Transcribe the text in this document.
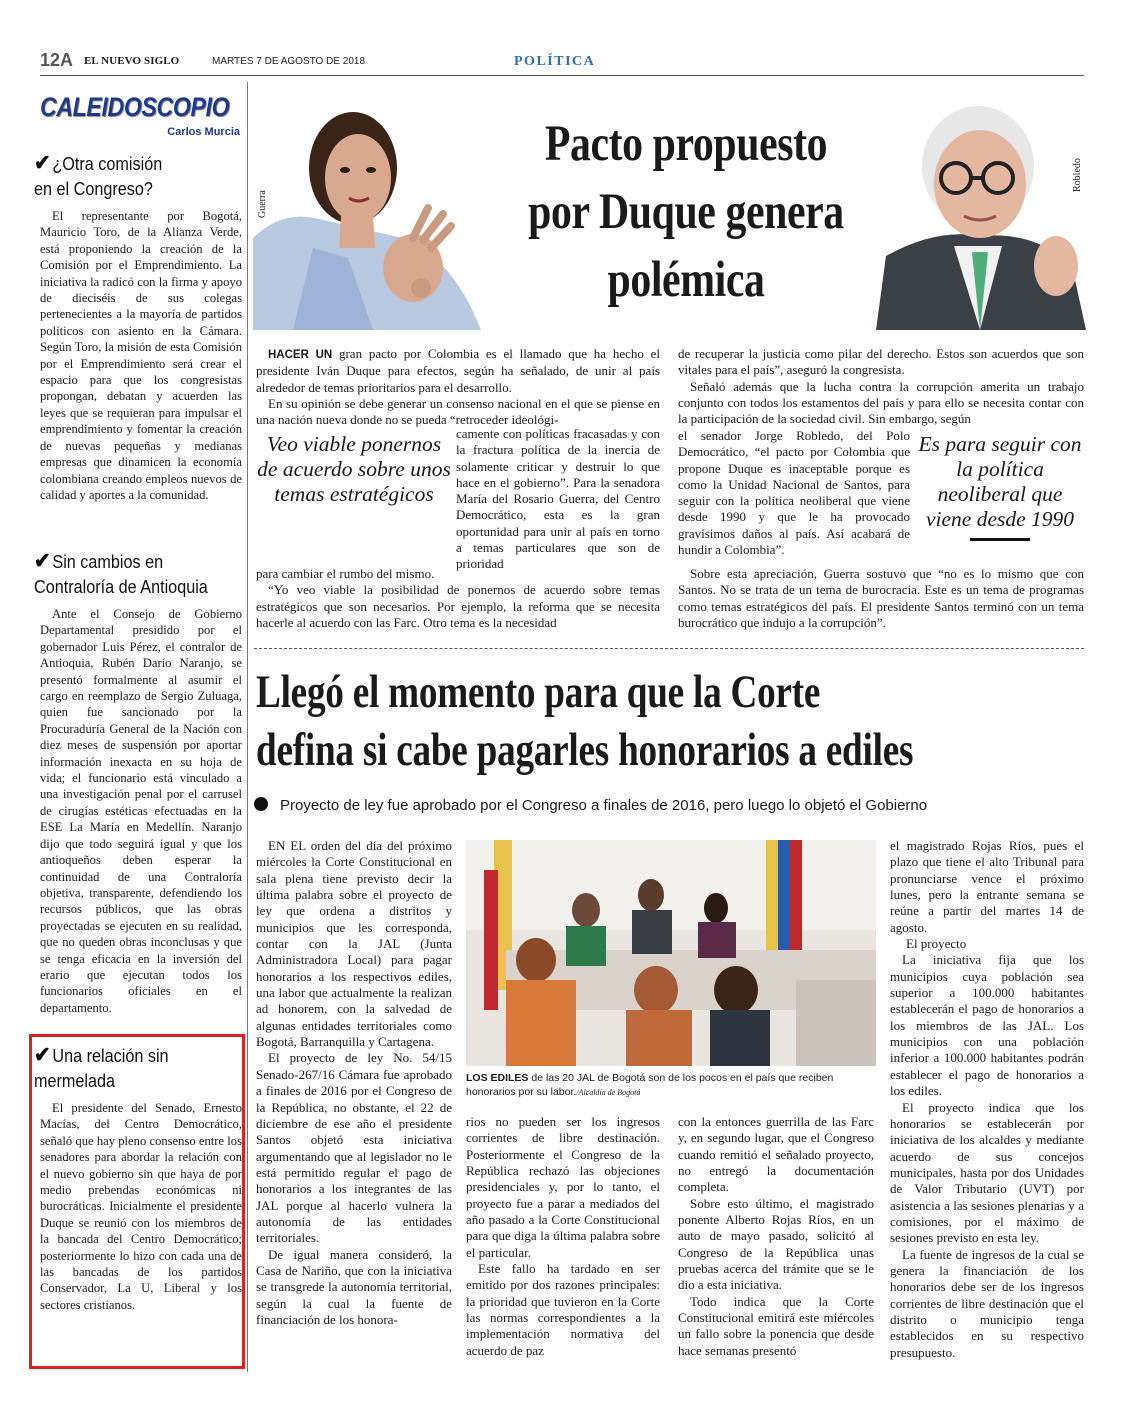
12A EL NUEVO SIGLO	MARTES 7 DE AGOSTO DE 2018	POLÍTICA
CALEIDOSCOPIO
Carlos Murcia
✔¿Otra comisión
en el Congreso?
El representante por Bogotá, Mauricio Toro, de la Alianza Verde, está proponiendo la creación de la Comisión por el Emprendimiento. La iniciativa la radicó con la firma y apoyo de dieciséis de sus colegas pertenecientes a la mayoría de partidos políticos con asiento en la Cámara. Según Toro, la misión de esta Comisión por el Emprendimiento será crear el espacio para que los congresistas propongan, debatan y acuerden las leyes que se requieran para impulsar el emprendimiento y fomentar la creación de nuevas pequeñas y medianas empresas que dinamicen la economía colombiana creando empleos nuevos de calidad y aportes a la comunidad.
✔Sin cambios en
Contraloría de Antioquia
Ante el Consejo de Gobierno Departamental presidido por el gobernador Luis Pérez, el contralor de Antioquia, Rubén Darío Naranjo, se presentó formalmente al asumir el cargo en reemplazo de Sergio Zuluaga, quien fue sancionado por la Procuraduría General de la Nación con diez meses de suspensión por aportar información inexacta en su hoja de vida; el funcionario está vinculado a una investigación penal por el carrusel de cirugías estéticas efectuadas en la ESE La María en Medellín. Naranjo dijo que todo seguirá igual y que los antioqueños deben esperar la continuidad de una Contraloría objetiva, transparente, defendiendo los recursos públicos, que las obras proyectadas se ejecuten en su realidad, que no queden obras inconclusas y que se tenga eficacia en la inversión del erario que ejecutan todos los funcionarios oficiales en el departamento.
✔Una relación sin
mermelada
El presidente del Senado, Ernesto Macías, del Centro Democrático, señaló que hay pleno consenso entre los senadores para abordar la relación con el nuevo gobierno sin que haya de por medio prebendas económicas ni burocráticas. Inicialmente el presidente Duque se reunió con los miembros de la bancada del Centro Democrático; posteriormente lo hizo con cada una de las bancadas de los partidos Conservador, La U, Liberal y los sectores cristianos.
Guerra
Pacto propuesto
por Duque genera
polémica
Robledo

HACER UN gran pacto por Colombia es el llamado que ha hecho el presidente Iván Duque para efectos, según ha señalado, de unir al país alrededor de temas prioritarios para el desarrollo.

En su opinión se debe generar un consenso nacional en el que se piense en una nación nueva donde no se pueda “retroceder ideológi-

Veo viable ponernos de acuerdo sobre unos temas estratégicos

camente con políticas fracasadas y con la fractura política de la inercia de solamente criticar y destruir lo que hace en el gobierno”. Para la senadora María del Rosario Guerra, del Centro Democrático, esta es la gran oportunidad para unir al país en torno a temas particulares que son de prioridad

para cambiar el rumbo del mismo.

“Yo veo viable la posibilidad de ponernos de acuerdo sobre temas estratégicos que son necesarios. Por ejemplo, la reforma que se necesita hacerle al acuerdo con las Farc. Otro tema es la necesidad

de recuperar la justicia como pilar del derecho. Estos son acuerdos que son vitales para el país”, aseguró la congresista.

Señaló además que la lucha contra la corrupción amerita un trabajo conjunto con todos los estamentos del país y para ello se necesita contar con la participación de la sociedad civil. Sin embargo, según

el senador Jorge Robledo, del Polo Democrático, “el pacto por Colombia que propone Duque es inaceptable porque es como la Unidad Nacional de Santos, para seguir con la política neoliberal que viene desde 1990 y que le ha provocado gravísimos daños al país. Así acabará de hundir a Colombia”.

Es para seguir con la política neoliberal que viene desde 1990

Sobre esta apreciación, Guerra sostuvo que “no es lo mismo que con Santos. No se trata de un tema de burocracia. Este es un tema de programas como temas estratégicos del país. El presidente Santos terminó con un tema burocrático que indujo a la corrupción”.

Llegó el momento para que la Corte
defina si cabe pagarles honorarios a ediles
Proyecto de ley fue aprobado por el Congreso a finales de 2016, pero luego lo objetó el Gobierno

EN EL orden del día del próximo miércoles la Corte Constitucional en sala plena tiene previsto decir la última palabra sobre el proyecto de ley que ordena a distritos y municipios que les corresponda, contar con la JAL (Junta Administradora Local) para pagar honorarios a los respectivos ediles, una labor que actualmente la realizan ad honorem, con la salvedad de algunas entidades territoriales como Bogotá, Barranquilla y Cartagena.

El proyecto de ley No. 54/15 Senado-267/16 Cámara fue aprobado a finales de 2016 por el Congreso de la República, no obstante, el 22 de diciembre de ese año el presidente Santos objetó esta iniciativa argumentando que al legislador no le está permitido regular el pago de honorarios a los integrantes de las JAL porque al hacerlo vulnera la autonomía de las entidades territoriales.

De igual manera consideró, la Casa de Nariño, que con la iniciativa se transgrede la autonomía territorial, según la cual la fuente de financiación de los honora-

LOS EDILES de las 20 JAL de Bogotá son de los pocos en el país que reciben honorarios por su labor./Alcaldía de Bogotá

rios no pueden ser los ingresos corrientes de libre destinación. Posteriormente el Congreso de la República rechazó las objeciones presidenciales y, por lo tanto, el proyecto fue a parar a mediados del año pasado a la Corte Constitucional para que diga la última palabra sobre el particular.

Este fallo ha tardado en ser emitido por dos razones principales: la prioridad que tuvieron en la Corte las normas correspondientes a la implementación normativa del acuerdo de paz

con la entonces guerrilla de las Farc y, en segundo lugar, que el Congreso cuando remitió el señalado proyecto, no entregó la documentación completa.

Sobre esto último, el magistrado ponente Alberto Rojas Ríos, en un auto de mayo pasado, solicitó al Congreso de la República unas pruebas acerca del trámite que se le dio a esta iniciativa.

Todo indica que la Corte Constitucional emitirá este miércoles un fallo sobre la ponencia que desde hace semanas presentó

el magistrado Rojas Ríos, pues el plazo que tiene el alto Tribunal para pronunciarse vence el próximo lunes, pero la entrante semana se reúne a partir del martes 14 de agosto.

El proyecto

La iniciativa fija que los municipios cuya población sea superior a 100.000 habitantes establecerán el pago de honorarios a los miembros de las JAL. Los municipios con una población inferior a 100.000 habitantes podrán establecer el pago de honorarios a los ediles.

El proyecto indica que los honorarios se establecerán por iniciativa de los alcaldes y mediante acuerdo de sus concejos municipales, hasta por dos Unidades de Valor Tributario (UVT) por asistencia a las sesiones plenarias y a comisiones, por el máximo de sesiones previsto en esta ley.

La fuente de ingresos de la cual se genera la financiación de los honorarios debe ser de los ingresos corrientes de libre destinación que el distrito o municipio tenga establecidos en su respectivo presupuesto.
